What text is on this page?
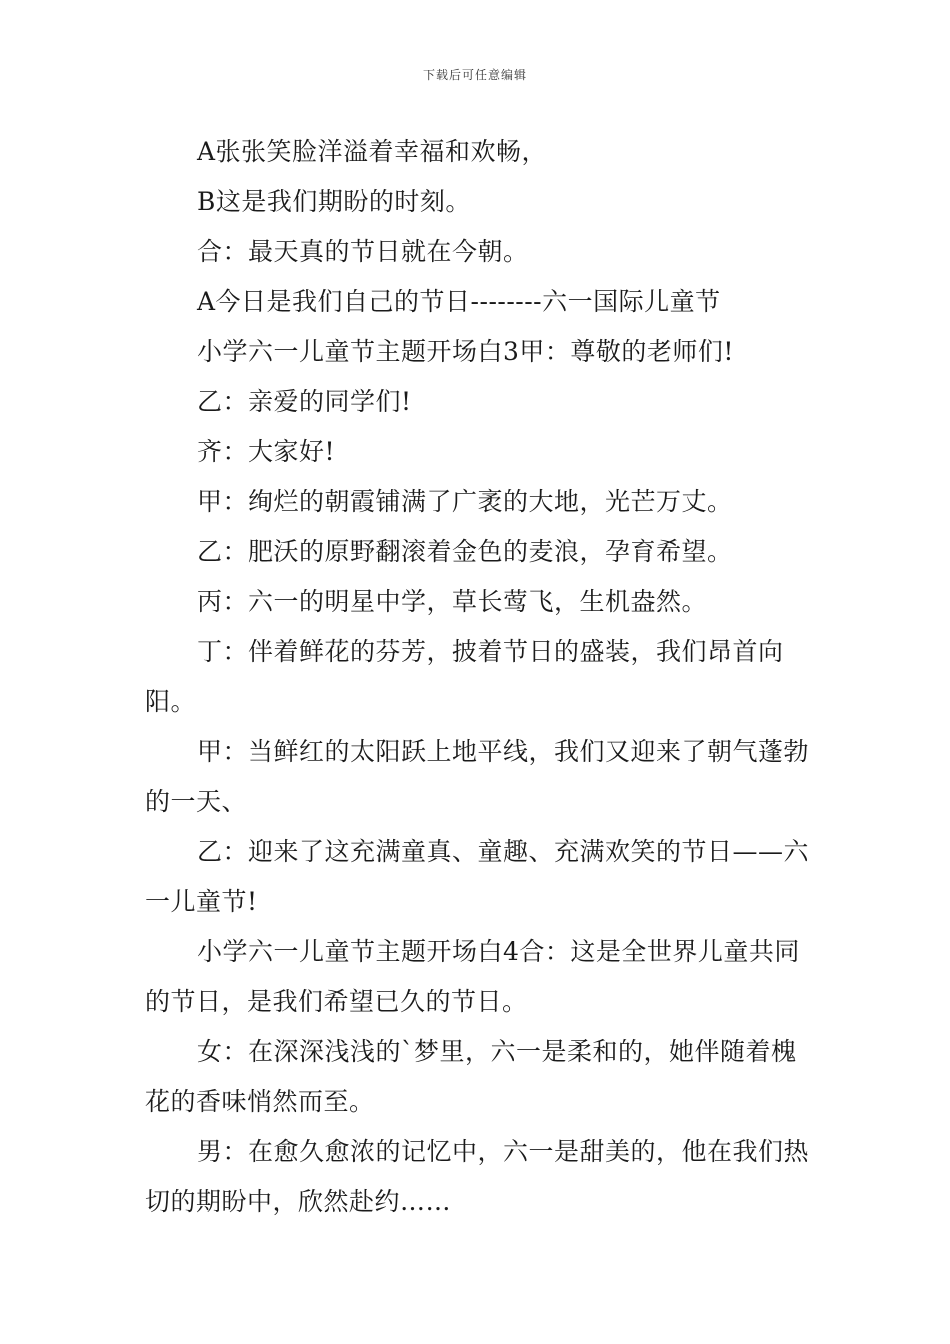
下载后可任意编辑

A张张笑脸洋溢着幸福和欢畅，

B这是我们期盼的时刻。

合：最天真的节日就在今朝。

A今日是我们自己的节日--------六一国际儿童节

小学六一儿童节主题开场白3甲：尊敬的老师们!

乙：亲爱的同学们!

齐：大家好!

甲：绚烂的朝霞铺满了广袤的大地，光芒万丈。

乙：肥沃的原野翻滚着金色的麦浪，孕育希望。

丙：六一的明星中学，草长莺飞，生机盎然。

丁：伴着鲜花的芬芳，披着节日的盛装，我们昂首向阳。

甲：当鲜红的太阳跃上地平线，我们又迎来了朝气蓬勃的一天、

乙：迎来了这充满童真、童趣、充满欢笑的节日——六一儿童节!

小学六一儿童节主题开场白4合：这是全世界儿童共同的节日，是我们希望已久的节日。

女：在深深浅浅的`梦里，六一是柔和的，她伴随着槐花的香味悄然而至。

男：在愈久愈浓的记忆中，六一是甜美的，他在我们热切的期盼中，欣然赴约……
